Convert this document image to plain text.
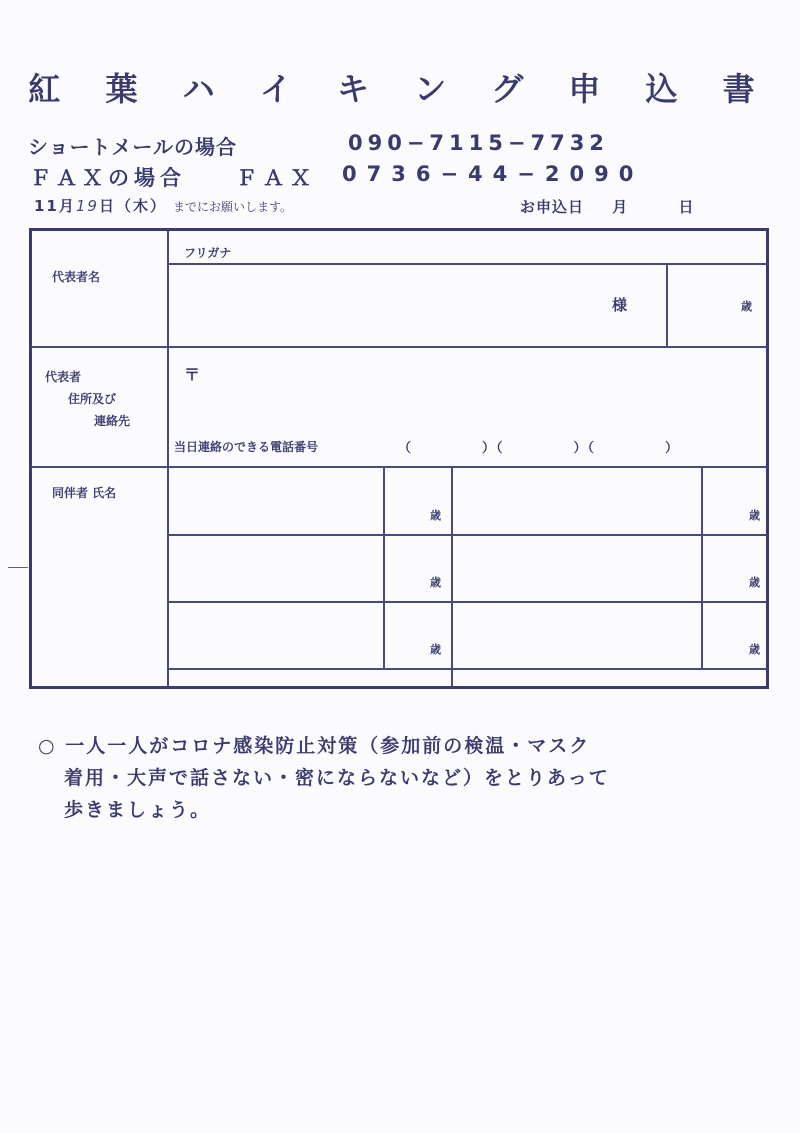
紅 葉 ハ イ キ ン グ 申 込 書
ショートメールの場合	090−7115−7732
ＦＡＸの場合 ＦＡＸ 0736−44−2090
11月19日（木） までにお願いします。	お申込日 月	日
フリガナ
代表者名
様	歳
代表者
住所及び
連絡先
〒
当日連絡のできる電話番号	（　　　　　）（　　　　　）（　　　　　）
同伴者 氏名
歳	歳
歳	歳
歳	歳
○ 一人一人がコロナ感染防止対策（参加前の検温・マスク
着用・大声で話さない・密にならないなど）をとりあって
歩きましょう。
